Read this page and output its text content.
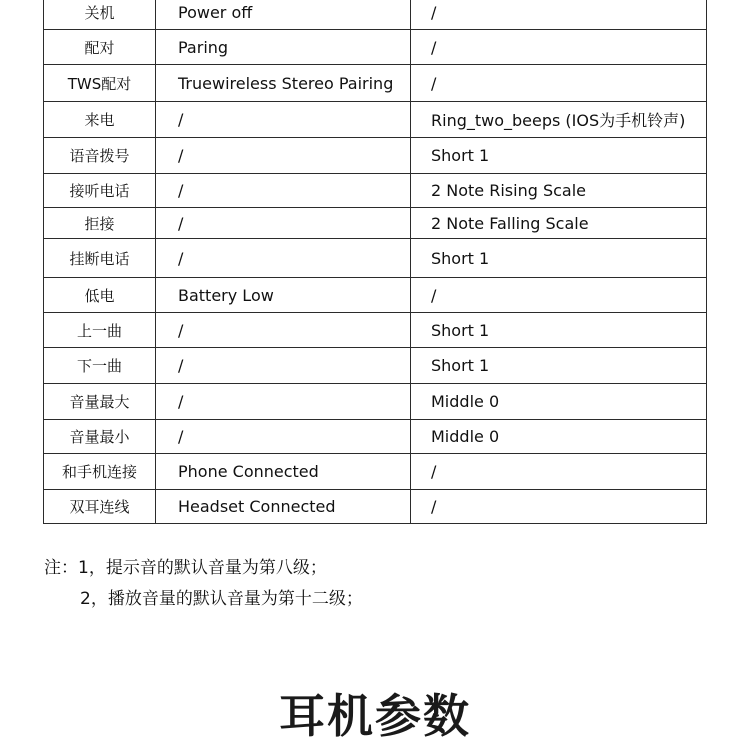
关机	Power off	/
配对	Paring	/
TWS配对	Truewireless Stereo Pairing	/
来电	/	Ring_two_beeps (IOS为手机铃声)
语音拨号	/	Short 1
接听电话	/	2 Note Rising Scale
拒接	/	2 Note Falling Scale
挂断电话	/	Short 1
低电	Battery Low	/
上一曲	/	Short 1
下一曲	/	Short 1
音量最大	/	Middle 0
音量最小	/	Middle 0
和手机连接	Phone Connected	/
双耳连线	Headset Connected	/
注：1，提示音的默认音量为第八级；
2，播放音量的默认音量为第十二级；
耳机参数
